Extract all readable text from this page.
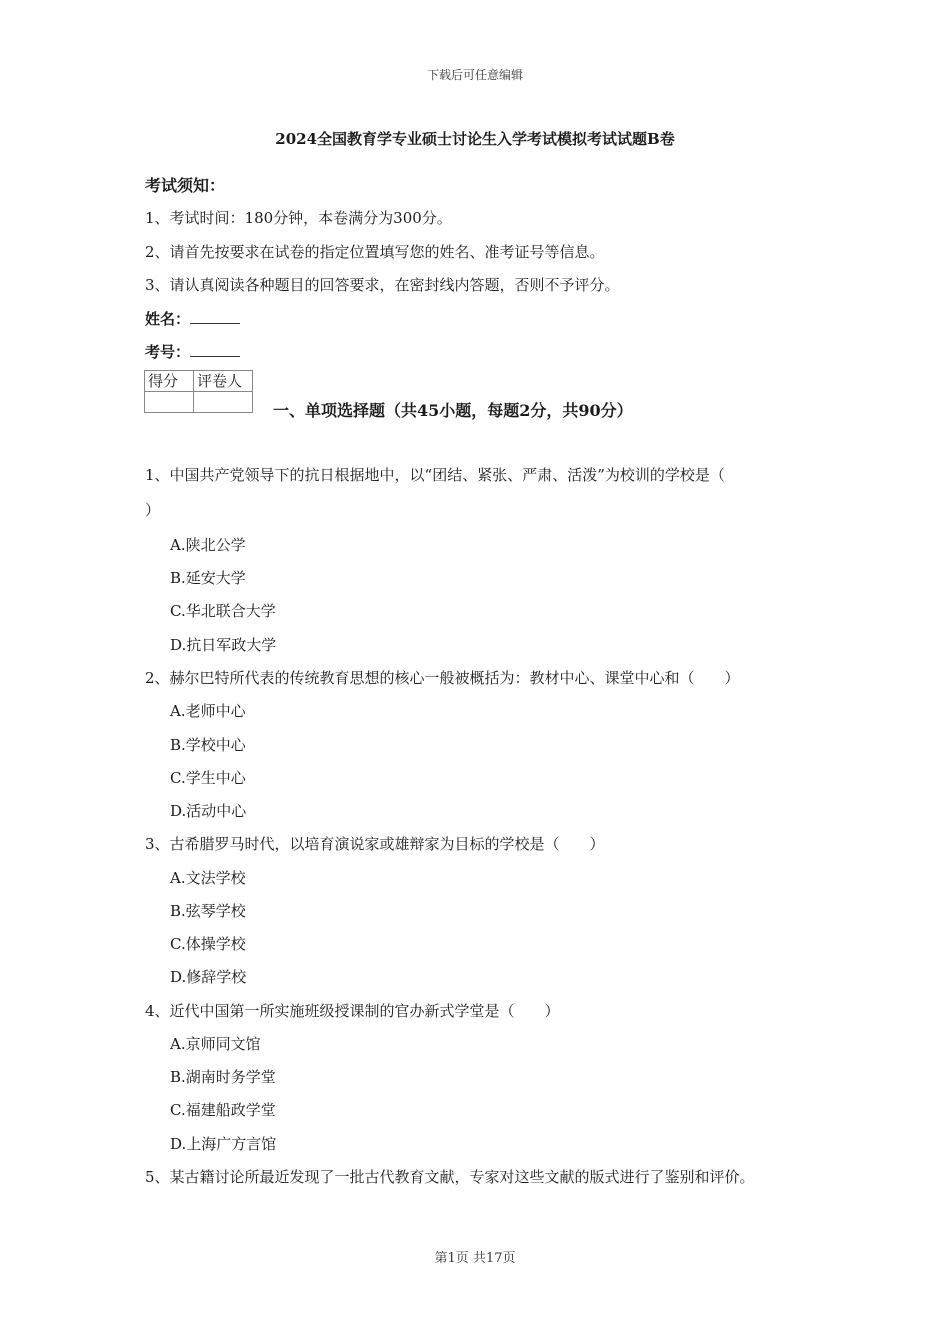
下载后可任意编辑
2024全国教育学专业硕士讨论生入学考试模拟考试试题B卷
考试须知：
1、考试时间：180分钟，本卷满分为300分。
2、请首先按要求在试卷的指定位置填写您的姓名、准考证号等信息。
3、请认真阅读各种题目的回答要求，在密封线内答题，否则不予评分。
姓名：
考号：
得分	评卷人

一、单项选择题（共45小题，每题2分，共90分）
1、中国共产党领导下的抗日根据地中，以“团结、紧张、严肃、活泼”为校训的学校是（
）
A.陕北公学
B.延安大学
C.华北联合大学
D.抗日军政大学
2、赫尔巴特所代表的传统教育思想的核心一般被概括为：教材中心、课堂中心和（　　）
A.老师中心
B.学校中心
C.学生中心
D.活动中心
3、古希腊罗马时代，以培育演说家或雄辩家为目标的学校是（　　）
A.文法学校
B.弦琴学校
C.体操学校
D.修辞学校
4、近代中国第一所实施班级授课制的官办新式学堂是（　　）
A.京师同文馆
B.湖南时务学堂
C.福建船政学堂
D.上海广方言馆
5、某古籍讨论所最近发现了一批古代教育文献，专家对这些文献的版式进行了鉴别和评价。
第1页 共17页
